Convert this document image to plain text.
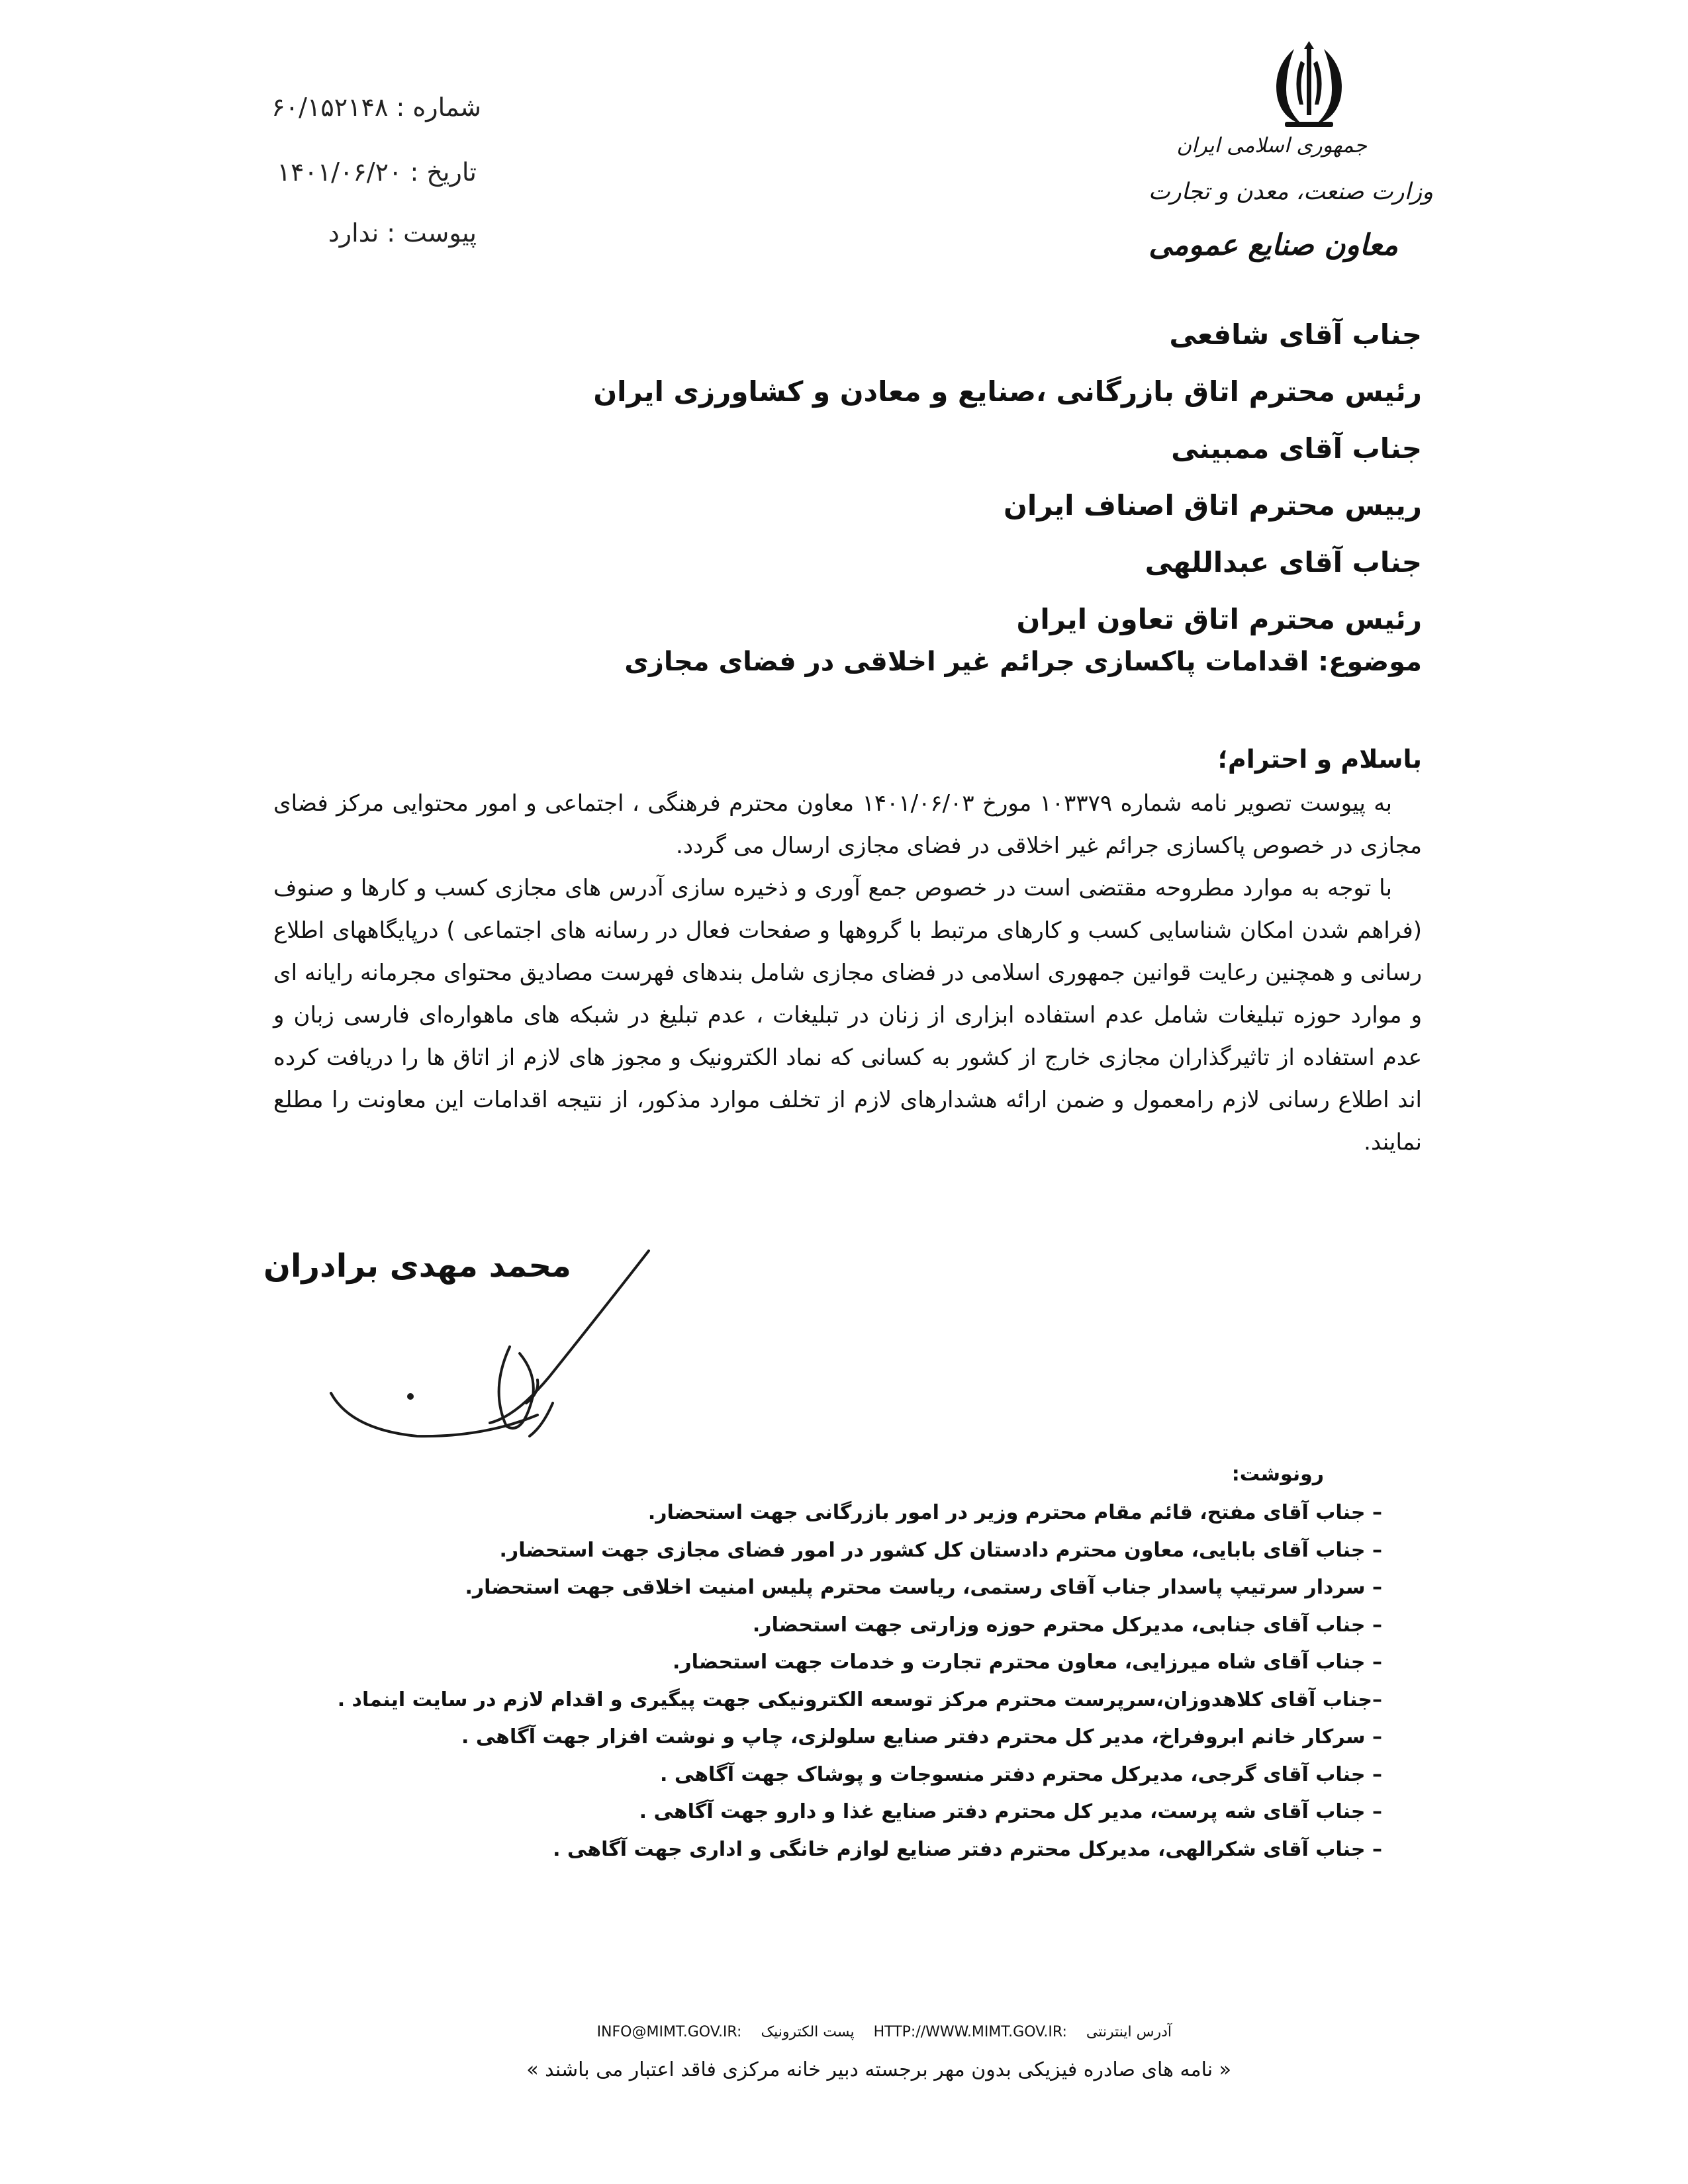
جمهوری اسلامی ایران
وزارت صنعت، معدن و تجارت
معاون صنایع عمومی
شماره : ۶۰/۱۵۲۱۴۸
تاریخ : ۱۴۰۱/۰۶/۲۰
پیوست : ندارد
جناب آقای شافعی
رئیس محترم اتاق بازرگانی ،صنایع و معادن و کشاورزی ایران
جناب آقای ممبینی
رییس محترم اتاق اصناف ایران
جناب آقای عبداللهی
رئیس محترم اتاق تعاون ایران
موضوع: اقدامات پاکسازی جرائم غیر اخلاقی در فضای مجازی
باسلام و احترام؛

به پیوست تصویر نامه شماره ۱۰۳۳۷۹ مورخ ۱۴۰۱/۰۶/۰۳ معاون محترم فرهنگی ، اجتماعی و امور محتوایی مرکز فضای مجازی در خصوص پاکسازی جرائم غیر اخلاقی در فضای مجازی ارسال می گردد.

با توجه به موارد مطروحه مقتضی است در خصوص جمع آوری و ذخیره سازی آدرس های مجازی کسب و کارها و صنوف (فراهم شدن امکان شناسایی کسب و کارهای مرتبط با گروهها و صفحات فعال در رسانه های اجتماعی ) درپایگاههای اطلاع رسانی و همچنین رعایت قوانین جمهوری اسلامی در فضای مجازی شامل بندهای فهرست مصادیق محتوای مجرمانه رایانه ای و موارد حوزه تبلیغات شامل عدم استفاده ابزاری از زنان در تبلیغات ، عدم تبلیغ در شبکه های ماهواره‌ای فارسی زبان و عدم استفاده از تاثیرگذاران مجازی خارج از کشور به کسانی که نماد الکترونیک و مجوز های لازم از اتاق ها را دریافت کرده اند اطلاع رسانی لازم رامعمول و ضمن ارائه هشدارهای لازم از تخلف موارد مذکور، از نتیجه اقدامات این معاونت را مطلع نمایند.

محمد مهدی برادران
رونوشت:
– جناب آقای مفتح، قائم مقام محترم وزیر در امور بازرگانی جهت استحضار.
– جناب آقای بابایی، معاون محترم دادستان کل کشور در امور فضای مجازی جهت استحضار.
– سردار سرتیپ پاسدار جناب آقای رستمی، ریاست محترم پلیس امنیت اخلاقی جهت استحضار.
– جناب آقای جنابی، مدیرکل محترم حوزه وزارتی جهت استحضار.
– جناب آقای شاه میرزایی، معاون محترم تجارت و خدمات جهت استحضار.
–جناب آقای کلاهدوزان،سرپرست محترم مرکز توسعه الکترونیکی جهت پیگیری و اقدام لازم در سایت اینماد .
– سرکار خانم ابروفراخ، مدیر کل محترم دفتر صنایع سلولزی، چاپ و نوشت افزار جهت آگاهی .
– جناب آقای گرجی، مدیرکل محترم دفتر منسوجات و پوشاک جهت آگاهی .
– جناب آقای شه پرست، مدیر کل محترم دفتر صنایع غذا و دارو جهت آگاهی .
– جناب آقای شکرالهی، مدیرکل محترم دفتر صنایع لوازم خانگی و اداری جهت آگاهی .
INFO@MIMT.GOV.IR: پست الکترونیک HTTP://WWW.MIMT.GOV.IR: آدرس اینترنتی
« نامه های صادره فیزیکی بدون مهر برجسته دبیر خانه مرکزی فاقد اعتبار می باشند »
